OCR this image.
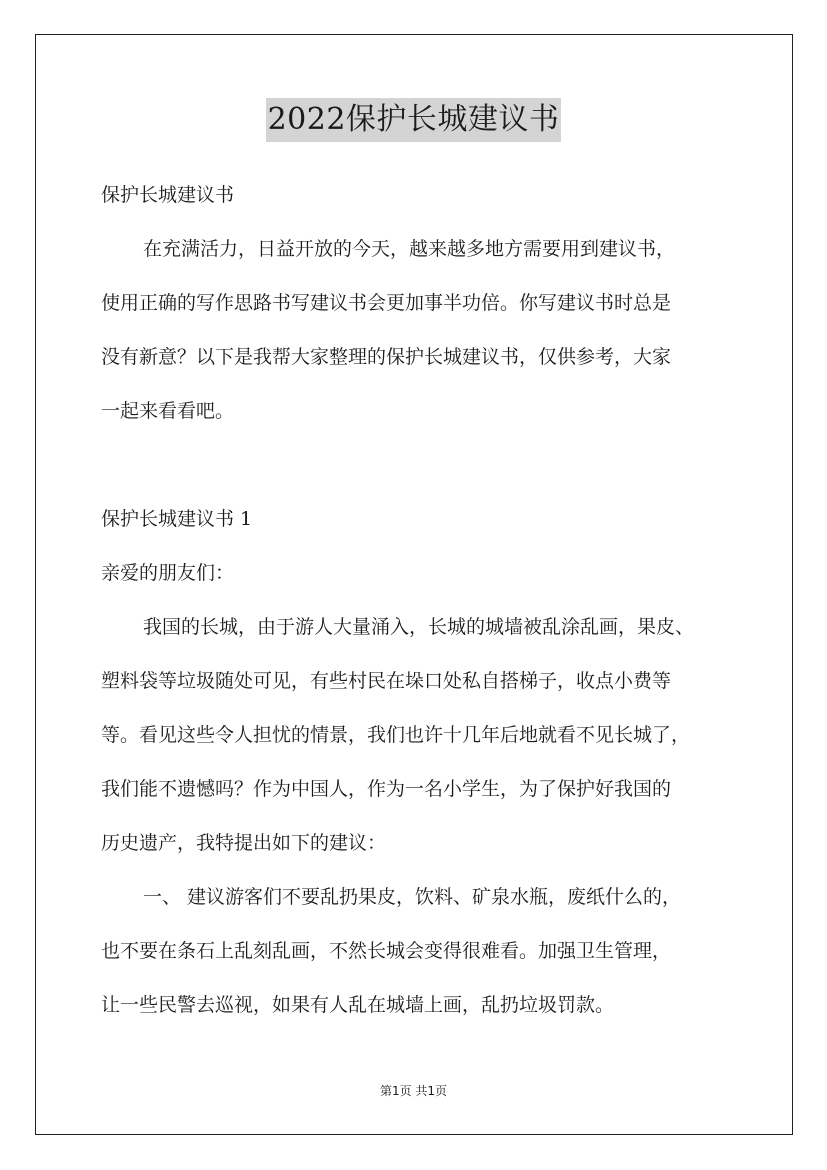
2022保护长城建议书
保护长城建议书
在充满活力，日益开放的今天，越来越多地方需要用到建议书，
使用正确的写作思路书写建议书会更加事半功倍。你写建议书时总是
没有新意？以下是我帮大家整理的保护长城建议书，仅供参考，大家
一起来看看吧。
保护长城建议书 1
亲爱的朋友们：
我国的长城，由于游人大量涌入，长城的城墙被乱涂乱画，果皮、
塑料袋等垃圾随处可见，有些村民在垛口处私自搭梯子，收点小费等
等。看见这些令人担忧的情景，我们也许十几年后地就看不见长城了，
我们能不遗憾吗？作为中国人，作为一名小学生，为了保护好我国的
历史遗产，我特提出如下的建议：
一、 建议游客们不要乱扔果皮，饮料、矿泉水瓶，废纸什么的，
也不要在条石上乱刻乱画，不然长城会变得很难看。加强卫生管理，
让一些民警去巡视，如果有人乱在城墙上画，乱扔垃圾罚款。
第1页 共1页
